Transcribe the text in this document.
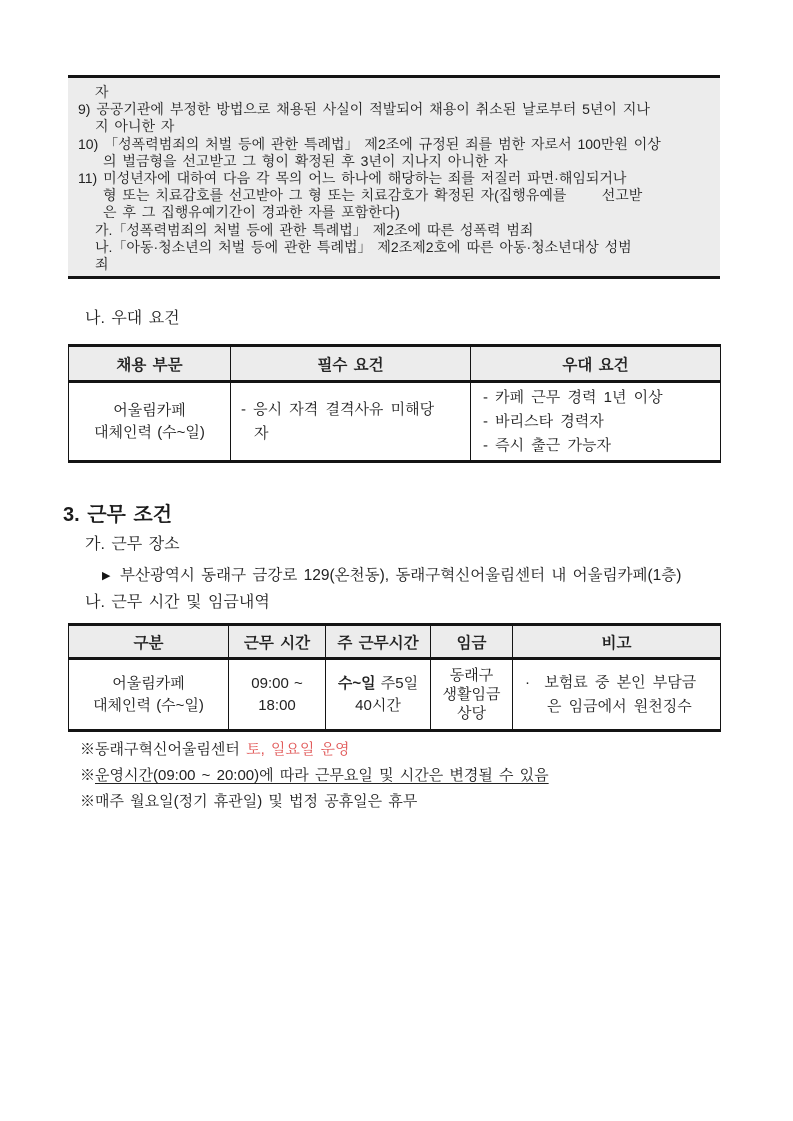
자
9) 공공기관에 부정한 방법으로 채용된 사실이 적발되어 채용이 취소된 날로부터 5년이 지나
지 아니한 자
10) 「성폭력범죄의 처벌 등에 관한 특례법」 제2조에 규정된 죄를 범한 자로서 100만원 이상
의 벌금형을 선고받고 그 형이 확정된 후 3년이 지나지 아니한 자
11) 미성년자에 대하여 다음 각 목의 어느 하나에 해당하는 죄를 저질러 파면·해임되거나
형 또는 치료감호를 선고받아 그 형 또는 치료감호가 확정된 자(집행유예를      선고받
은 후 그 집행유예기간이 경과한 자를 포함한다)
가.「성폭력범죄의 처벌 등에 관한 특례법」 제2조에 따른 성폭력 범죄
나.「아동·청소년의 처벌 등에 관한 특례법」 제2조제2호에 따른 아동·청소년대상 성범
죄
나. 우대 요건
채용 부문	필수 요건	우대 요건

어울림카페
대체인력 (수~일)

- 응시 자격 결격사유 미해당
자

- 카페 근무 경력 1년 이상
- 바리스타 경력자
- 즉시 출근 가능자
3. 근무 조건
가. 근무 장소
▶ 부산광역시 동래구 금강로 129(온천동), 동래구혁신어울림센터 내 어울림카페(1층)
나. 근무 시간 및 임금내역
구분	근무 시간	주 근무시간	임금	비고

어울림카페
대체인력 (수~일)

09:00 ~
18:00

수~일 주5일
40시간

동래구
생활임금
상당

·  보험료 중 본인 부담금
은 임금에서 원천징수
※동래구혁신어울림센터 토, 일요일 운영
※운영시간(09:00 ~ 20:00)에 따라 근무요일 및 시간은 변경될 수 있음
※매주 월요일(정기 휴관일) 및 법정 공휴일은 휴무
